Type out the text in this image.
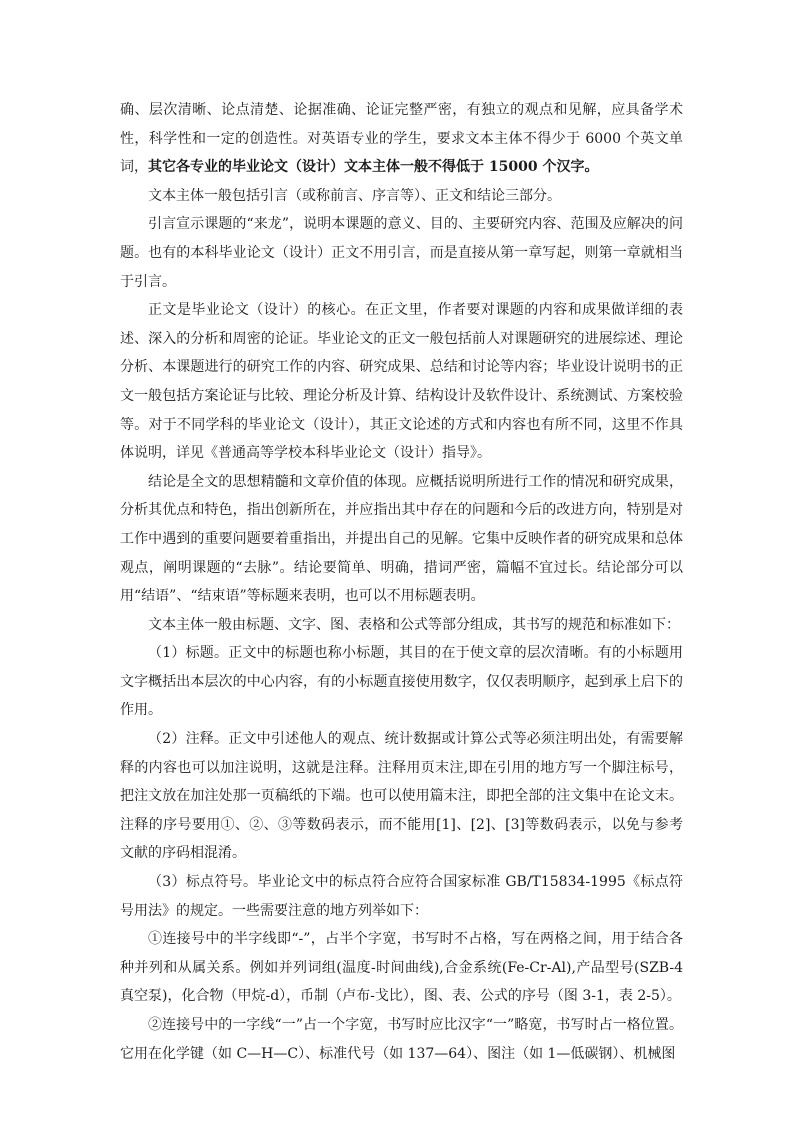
确、层次清晰、论点清楚、论据准确、论证完整严密，有独立的观点和见解，应具备学术性，科学性和一定的创造性。对英语专业的学生，要求文本主体不得少于 6000 个英文单词，其它各专业的毕业论文（设计）文本主体一般不得低于 15000 个汉字。

文本主体一般包括引言（或称前言、序言等）、正文和结论三部分。

引言宣示课题的“来龙”，说明本课题的意义、目的、主要研究内容、范围及应解决的问题。也有的本科毕业论文（设计）正文不用引言，而是直接从第一章写起，则第一章就相当于引言。

正文是毕业论文（设计）的核心。在正文里，作者要对课题的内容和成果做详细的表述、深入的分析和周密的论证。毕业论文的正文一般包括前人对课题研究的进展综述、理论分析、本课题进行的研究工作的内容、研究成果、总结和讨论等内容；毕业设计说明书的正文一般包括方案论证与比较、理论分析及计算、结构设计及软件设计、系统测试、方案校验等。对于不同学科的毕业论文（设计），其正文论述的方式和内容也有所不同，这里不作具体说明，详见《普通高等学校本科毕业论文（设计）指导》。

结论是全文的思想精髓和文章价值的体现。应概括说明所进行工作的情况和研究成果，分析其优点和特色，指出创新所在，并应指出其中存在的问题和今后的改进方向，特别是对工作中遇到的重要问题要着重指出，并提出自己的见解。它集中反映作者的研究成果和总体观点，阐明课题的“去脉”。结论要简单、明确，措词严密，篇幅不宜过长。结论部分可以用“结语”、“结束语”等标题来表明，也可以不用标题表明。

文本主体一般由标题、文字、图、表格和公式等部分组成，其书写的规范和标准如下：

（1）标题。正文中的标题也称小标题，其目的在于使文章的层次清晰。有的小标题用文字概括出本层次的中心内容，有的小标题直接使用数字，仅仅表明顺序，起到承上启下的作用。

（2）注释。正文中引述他人的观点、统计数据或计算公式等必须注明出处，有需要解释的内容也可以加注说明，这就是注释。注释用页末注,即在引用的地方写一个脚注标号，把注文放在加注处那一页稿纸的下端。也可以使用篇末注，即把全部的注文集中在论文末。注释的序号要用①、②、③等数码表示，而不能用[1]、[2]、[3]等数码表示，以免与参考文献的序码相混淆。

（3）标点符号。毕业论文中的标点符合应符合国家标准 GB/T15834-1995《标点符号用法》的规定。一些需要注意的地方列举如下：

①连接号中的半字线即“-”，占半个字宽，书写时不占格，写在两格之间，用于结合各种并列和从属关系。例如并列词组(温度-时间曲线),合金系统(Fe-Cr-Al),产品型号(SZB-4 真空泵)，化合物（甲烷-d），币制（卢布-戈比），图、表、公式的序号（图 3-1，表 2-5）。

②连接号中的一字线“一”占一个字宽，书写时应比汉字“一”略宽，书写时占一格位置。它用在化学键（如 C—H—C）、标准代号（如 137—64）、图注（如 1—低碳钢）、机械图
